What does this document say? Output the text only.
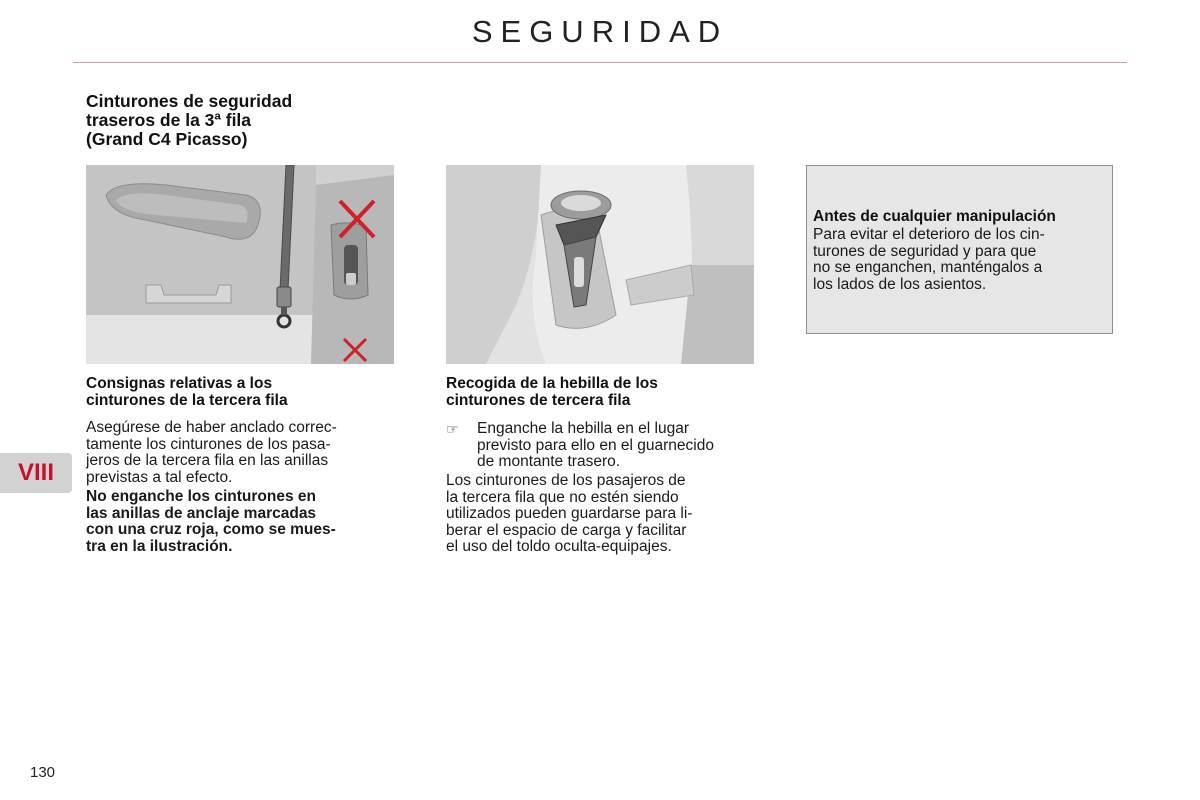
SEGURIDAD
Cinturones de seguridad
traseros de la 3ª fila
(Grand C4 Picasso)
Consignas relativas a los
cinturones de la tercera fila
Asegúrese de haber anclado correc-
tamente los cinturones de los pasa-
jeros de la tercera fila en las anillas
previstas a tal efecto.
No enganche los cinturones en
las anillas de anclaje marcadas
con una cruz roja, como se mues-
tra en la ilustración.
Recogida de la hebilla de los
cinturones de tercera fila
☞	Enganche la hebilla en el lugar
previsto para ello en el guarnecido
de montante trasero.
Los cinturones de los pasajeros de
la tercera fila que no estén siendo
utilizados pueden guardarse para li-
berar el espacio de carga y facilitar
el uso del toldo oculta-equipajes.
Antes de cualquier manipulación
Para evitar el deterioro de los cin-
turones de seguridad y para que
no se enganchen, manténgalos a
los lados de los asientos.
VIII
130
